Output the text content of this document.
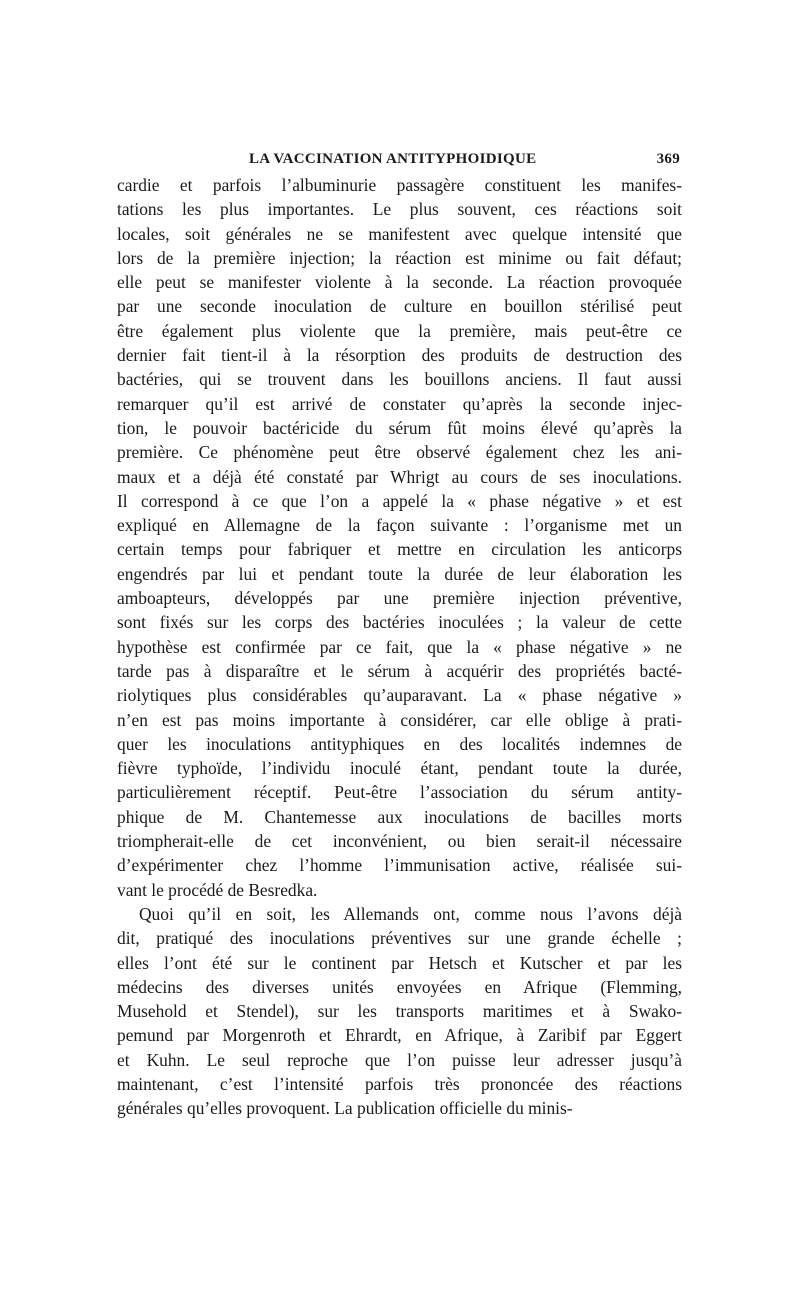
LA VACCINATION ANTITYPHOIDIQUE	369
cardie et parfois l’albuminurie passagère constituent les manifes-
tations les plus importantes. Le plus souvent, ces réactions soit
locales, soit générales ne se manifestent avec quelque intensité que
lors de la première injection; la réaction est minime ou fait défaut;
elle peut se manifester violente à la seconde. La réaction provoquée
par une seconde inoculation de culture en bouillon stérilisé peut
être également plus violente que la première, mais peut-être ce
dernier fait tient-il à la résorption des produits de destruction des
bactéries, qui se trouvent dans les bouillons anciens. Il faut aussi
remarquer qu’il est arrivé de constater qu’après la seconde injec-
tion, le pouvoir bactéricide du sérum fût moins élevé qu’après la
première. Ce phénomène peut être observé également chez les ani-
maux et a déjà été constaté par Whrigt au cours de ses inoculations.
Il correspond à ce que l’on a appelé la « phase négative » et est
expliqué en Allemagne de la façon suivante : l’organisme met un
certain temps pour fabriquer et mettre en circulation les anticorps
engendrés par lui et pendant toute la durée de leur élaboration les
amboapteurs, développés par une première injection préventive,
sont fixés sur les corps des bactéries inoculées ; la valeur de cette
hypothèse est confirmée par ce fait, que la « phase négative » ne
tarde pas à disparaître et le sérum à acquérir des propriétés bacté-
riolytiques plus considérables qu’auparavant. La « phase négative »
n’en est pas moins importante à considérer, car elle oblige à prati-
quer les inoculations antityphiques en des localités indemnes de
fièvre typhoïde, l’individu inoculé étant, pendant toute la durée,
particulièrement réceptif. Peut-être l’association du sérum antity-
phique de M. Chantemesse aux inoculations de bacilles morts
triompherait-elle de cet inconvénient, ou bien serait-il nécessaire
d’expérimenter chez l’homme l’immunisation active, réalisée sui-
vant le procédé de Besredka.
Quoi qu’il en soit, les Allemands ont, comme nous l’avons déjà
dit, pratiqué des inoculations préventives sur une grande échelle ;
elles l’ont été sur le continent par Hetsch et Kutscher et par les
médecins des diverses unités envoyées en Afrique (Flemming,
Musehold et Stendel), sur les transports maritimes et à Swako-
pemund par Morgenroth et Ehrardt, en Afrique, à Zaribif par Eggert
et Kuhn. Le seul reproche que l’on puisse leur adresser jusqu’à
maintenant, c’est l’intensité parfois très prononcée des réactions
générales qu’elles provoquent. La publication officielle du minis-
